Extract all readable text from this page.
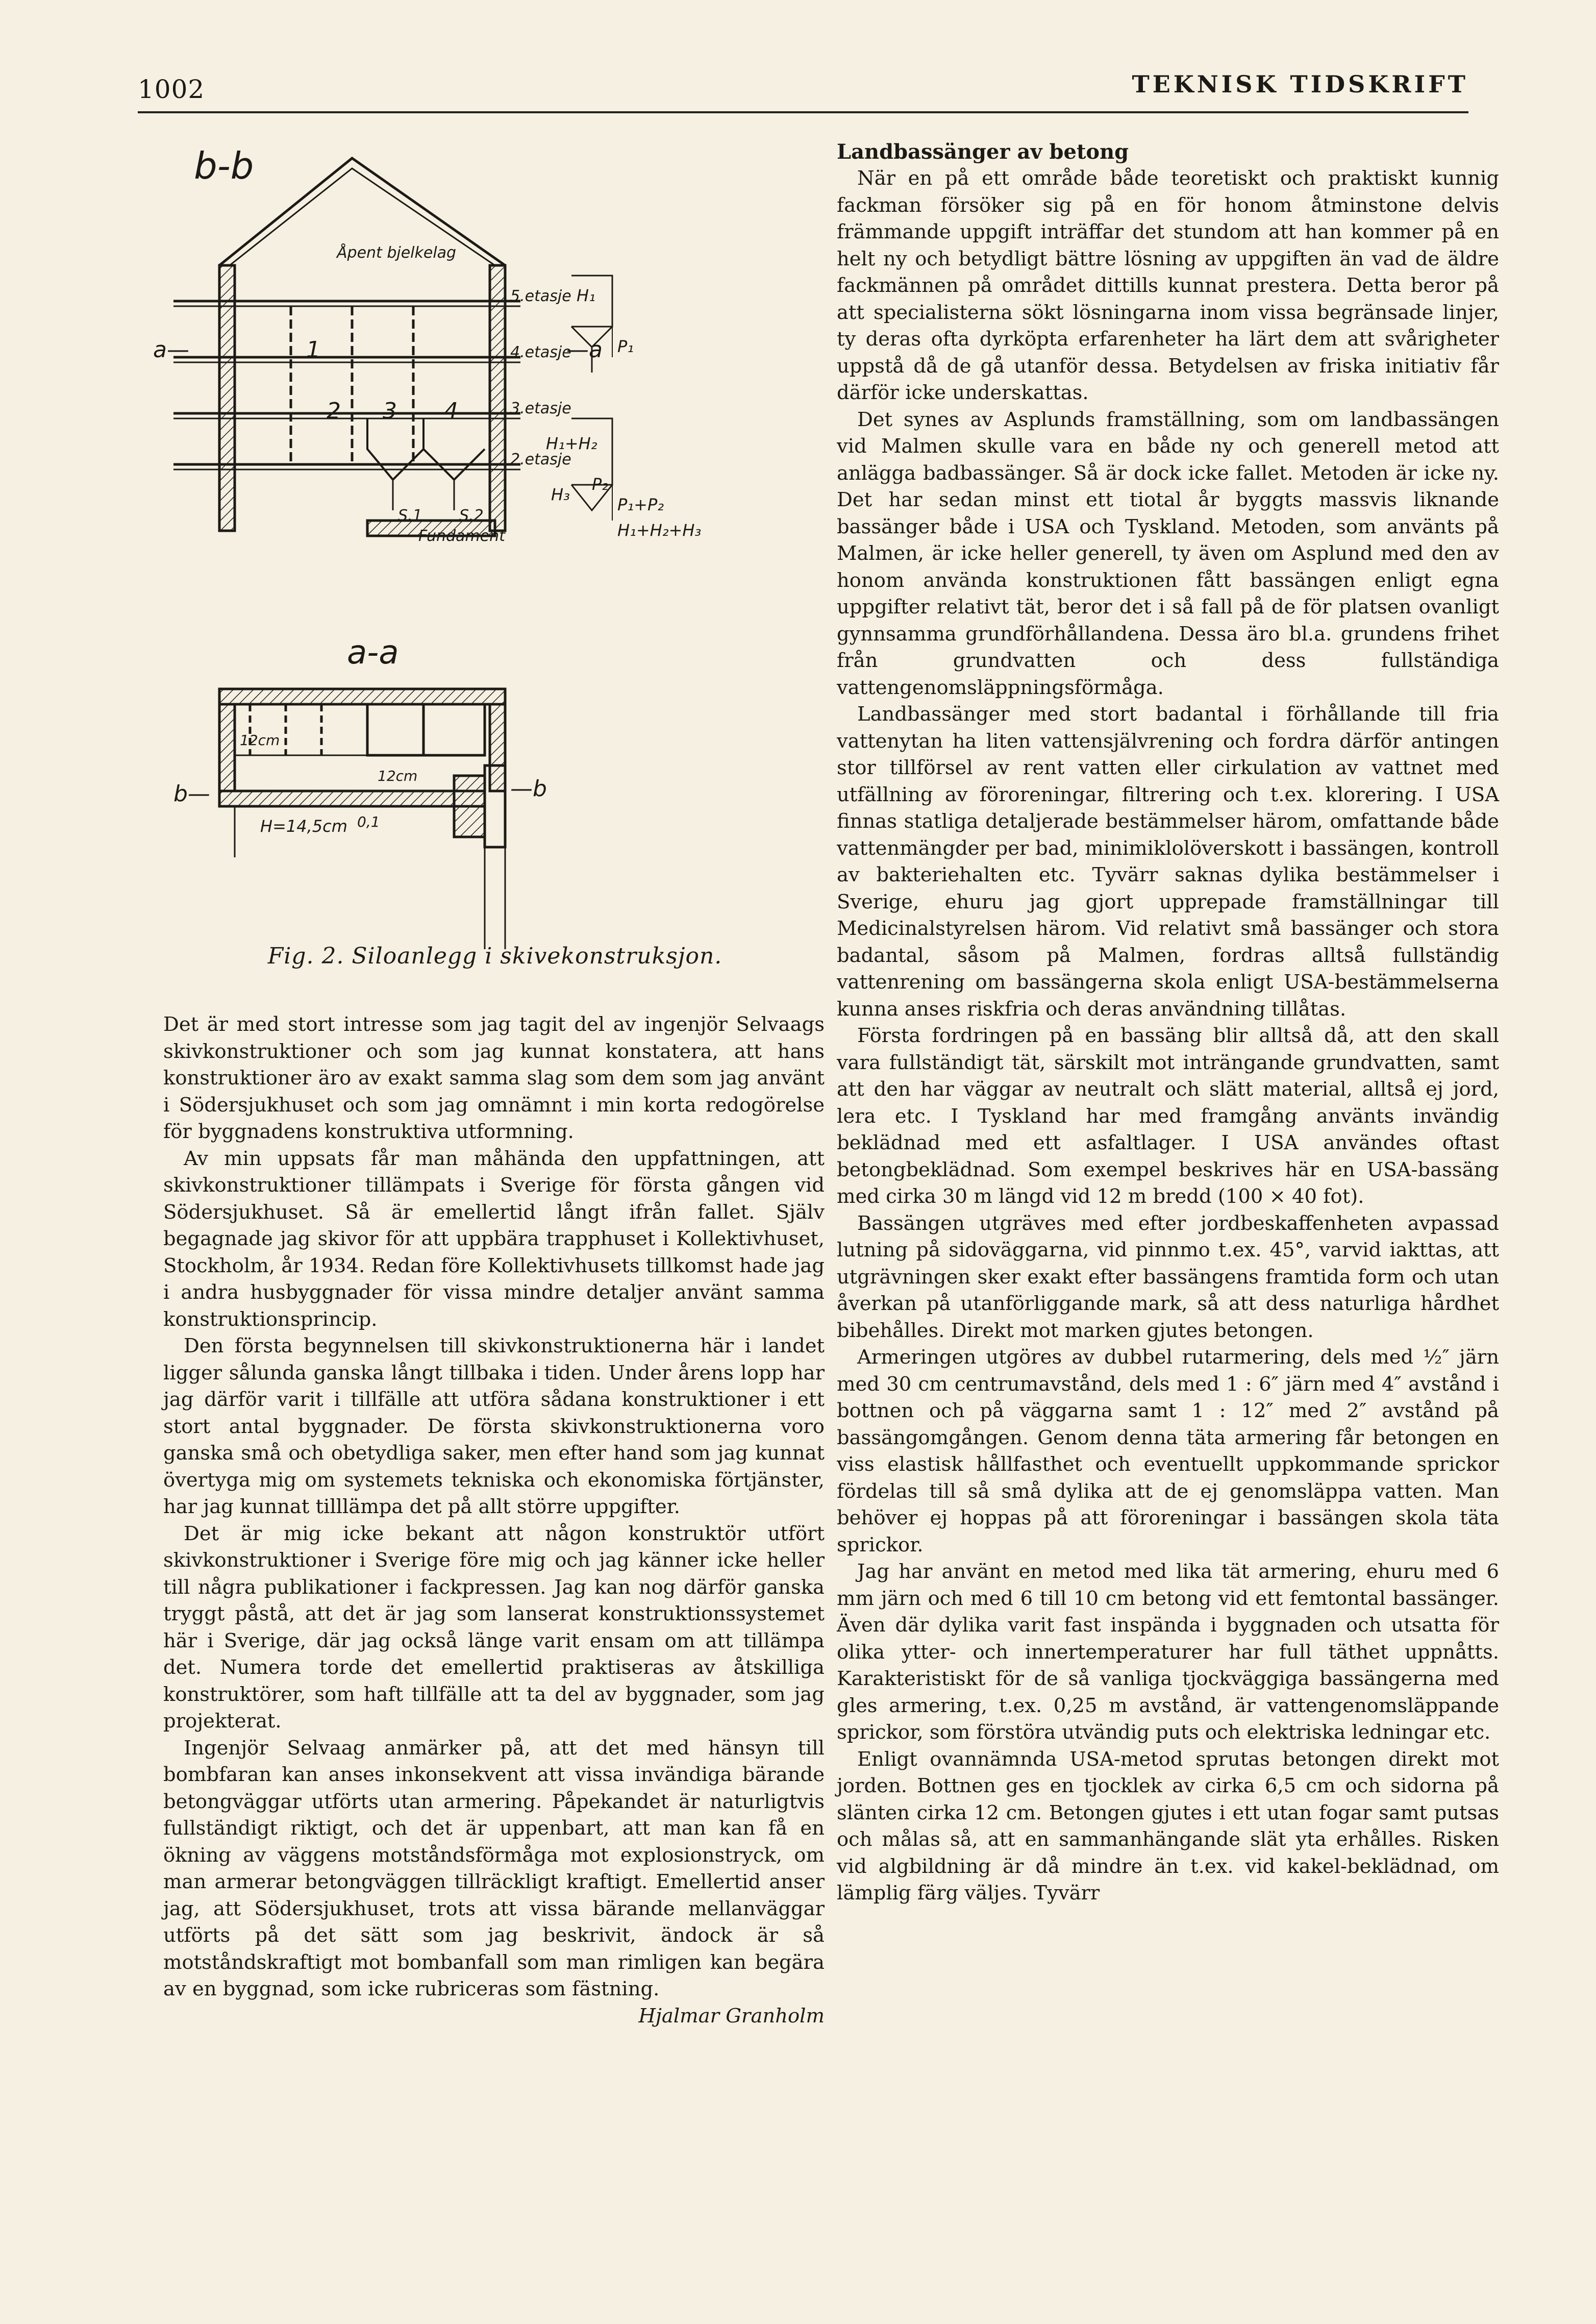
1002	TEKNISK TIDSKRIFT
b-b
a-a
Åpent bjelkelag
5.etasje
4.etasje
3.etasje
2.etasje
Fundament
S.1 S.2
a—	—a
b—	—b
1
2 3 4
H₁
H₁+H₂
H₃
P₁
P₂
P₁+P₂
H₁+H₂+H₃
12cm
12cm
H=14,5cm 0,1
Fig. 2. Siloanlegg i skivekonstruksjon.

Det är med stort intresse som jag tagit del av ingenjör Selvaags skivkonstruktioner och som jag kunnat konstatera, att hans konstruktioner äro av exakt samma slag som dem som jag använt i Södersjukhuset och som jag omnämnt i min korta redogörelse för byggnadens konstruktiva utformning.

Av min uppsats får man måhända den uppfattningen, att skivkonstruktioner tillämpats i Sverige för första gången vid Södersjukhuset. Så är emellertid långt ifrån fallet. Själv begagnade jag skivor för att uppbära trapphuset i Kollektivhuset, Stockholm, år 1934. Redan före Kollektivhusets tillkomst hade jag i andra husbyggnader för vissa mindre detaljer använt samma konstruktionsprincip.

Den första begynnelsen till skivkonstruktionerna här i landet ligger sålunda ganska långt tillbaka i tiden. Under årens lopp har jag därför varit i tillfälle att utföra sådana konstruktioner i ett stort antal byggnader. De första skivkonstruktionerna voro ganska små och obetydliga saker, men efter hand som jag kunnat övertyga mig om systemets tekniska och ekonomiska förtjänster, har jag kunnat tilllämpa det på allt större uppgifter.

Det är mig icke bekant att någon konstruktör utfört skivkonstruktioner i Sverige före mig och jag känner icke heller till några publikationer i fackpressen. Jag kan nog därför ganska tryggt påstå, att det är jag som lanserat konstruktionssystemet här i Sverige, där jag också länge varit ensam om att tillämpa det. Numera torde det emellertid praktiseras av åtskilliga konstruktörer, som haft tillfälle att ta del av byggnader, som jag projekterat.

Ingenjör Selvaag anmärker på, att det med hänsyn till bombfaran kan anses inkonsekvent att vissa invändiga bärande betongväggar utförts utan armering. Påpekandet är naturligtvis fullständigt riktigt, och det är uppenbart, att man kan få en ökning av väggens motståndsförmåga mot explosionstryck, om man armerar betongväggen tillräckligt kraftigt. Emellertid anser jag, att Södersjukhuset, trots att vissa bärande mellanväggar utförts på det sätt som jag beskrivit, ändock är så motståndskraftigt mot bombanfall som man rimligen kan begära av en byggnad, som icke rubriceras som fästning.
Hjalmar Granholm

Landbassänger av betong

När en på ett område både teoretiskt och praktiskt kunnig fackman försöker sig på en för honom åtminstone delvis främmande uppgift inträffar det stundom att han kommer på en helt ny och betydligt bättre lösning av uppgiften än vad de äldre fackmännen på området dittills kunnat prestera. Detta beror på att specialisterna sökt lösningarna inom vissa begränsade linjer, ty deras ofta dyrköpta erfarenheter ha lärt dem att svårigheter uppstå då de gå utanför dessa. Betydelsen av friska initiativ får därför icke underskattas.

Det synes av Asplunds framställning, som om landbassängen vid Malmen skulle vara en både ny och generell metod att anlägga badbassänger. Så är dock icke fallet. Metoden är icke ny. Det har sedan minst ett tiotal år byggts massvis liknande bassänger både i USA och Tyskland. Metoden, som använts på Malmen, är icke heller generell, ty även om Asplund med den av honom använda konstruktionen fått bassängen enligt egna uppgifter relativt tät, beror det i så fall på de för platsen ovanligt gynnsamma grundförhållandena. Dessa äro bl.a. grundens frihet från grundvatten och dess fullständiga vattengenomsläppningsförmåga.

Landbassänger med stort badantal i förhållande till fria vattenytan ha liten vattensjälvrening och fordra därför antingen stor tillförsel av rent vatten eller cirkulation av vattnet med utfällning av föroreningar, filtrering och t.ex. klorering. I USA finnas statliga detaljerade bestämmelser härom, omfattande både vattenmängder per bad, minimiklolöverskott i bassängen, kontroll av bakteriehalten etc. Tyvärr saknas dylika bestämmelser i Sverige, ehuru jag gjort upprepade framställningar till Medicinalstyrelsen härom. Vid relativt små bassänger och stora badantal, såsom på Malmen, fordras alltså fullständig vattenrening om bassängerna skola enligt USA-bestämmelserna kunna anses riskfria och deras användning tillåtas.

Första fordringen på en bassäng blir alltså då, att den skall vara fullständigt tät, särskilt mot inträngande grundvatten, samt att den har väggar av neutralt och slätt material, alltså ej jord, lera etc. I Tyskland har med framgång använts invändig beklädnad med ett asfaltlager. I USA användes oftast betongbeklädnad. Som exempel beskrives här en USA-bassäng med cirka 30 m längd vid 12 m bredd (100 × 40 fot).

Bassängen utgräves med efter jordbeskaffenheten avpassad lutning på sidoväggarna, vid pinnmo t.ex. 45°, varvid iakttas, att utgrävningen sker exakt efter bassängens framtida form och utan åverkan på utanförliggande mark, så att dess naturliga hårdhet bibehålles. Direkt mot marken gjutes betongen.

Armeringen utgöres av dubbel rutarmering, dels med ½″ järn med 30 cm centrumavstånd, dels med 1 : 6″ järn med 4″ avstånd i bottnen och på väggarna samt 1 : 12″ med 2″ avstånd på bassängomgången. Genom denna täta armering får betongen en viss elastisk hållfasthet och eventuellt uppkommande sprickor fördelas till så små dylika att de ej genomsläppa vatten. Man behöver ej hoppas på att föroreningar i bassängen skola täta sprickor.

Jag har använt en metod med lika tät armering, ehuru med 6 mm järn och med 6 till 10 cm betong vid ett femtontal bassänger. Även där dylika varit fast inspända i byggnaden och utsatta för olika ytter- och innertemperaturer har full täthet uppnåtts. Karakteristiskt för de så vanliga tjockväggiga bassängerna med gles armering, t.ex. 0,25 m avstånd, är vattengenomsläppande sprickor, som förstöra utvändig puts och elektriska ledningar etc.

Enligt ovannämnda USA-metod sprutas betongen direkt mot jorden. Bottnen ges en tjocklek av cirka 6,5 cm och sidorna på slänten cirka 12 cm. Betongen gjutes i ett utan fogar samt putsas och målas så, att en sammanhängande slät yta erhålles. Risken vid algbildning är då mindre än t.ex. vid kakel-beklädnad, om lämplig färg väljes. Tyvärr
